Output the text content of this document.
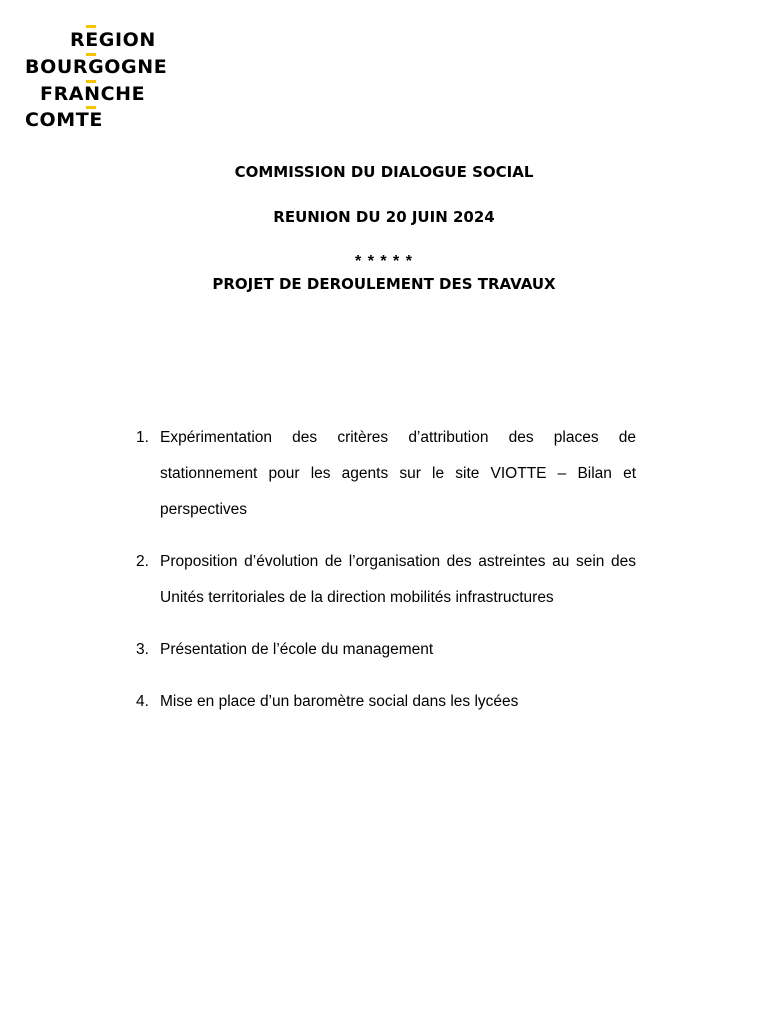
REGION
BOURGOGNE
FRANCHE
COMTE
COMMISSION DU DIALOGUE SOCIAL
REUNION DU 20 JUIN 2024
* * * * *
PROJET DE DEROULEMENT DES TRAVAUX
1. Expérimentation des critères d’attribution des places de stationnement pour les agents sur le site VIOTTE – Bilan et perspectives
2. Proposition d’évolution de l’organisation des astreintes au sein des Unités territoriales de la direction mobilités infrastructures
3. Présentation de l’école du management
4. Mise en place d’un baromètre social dans les lycées
